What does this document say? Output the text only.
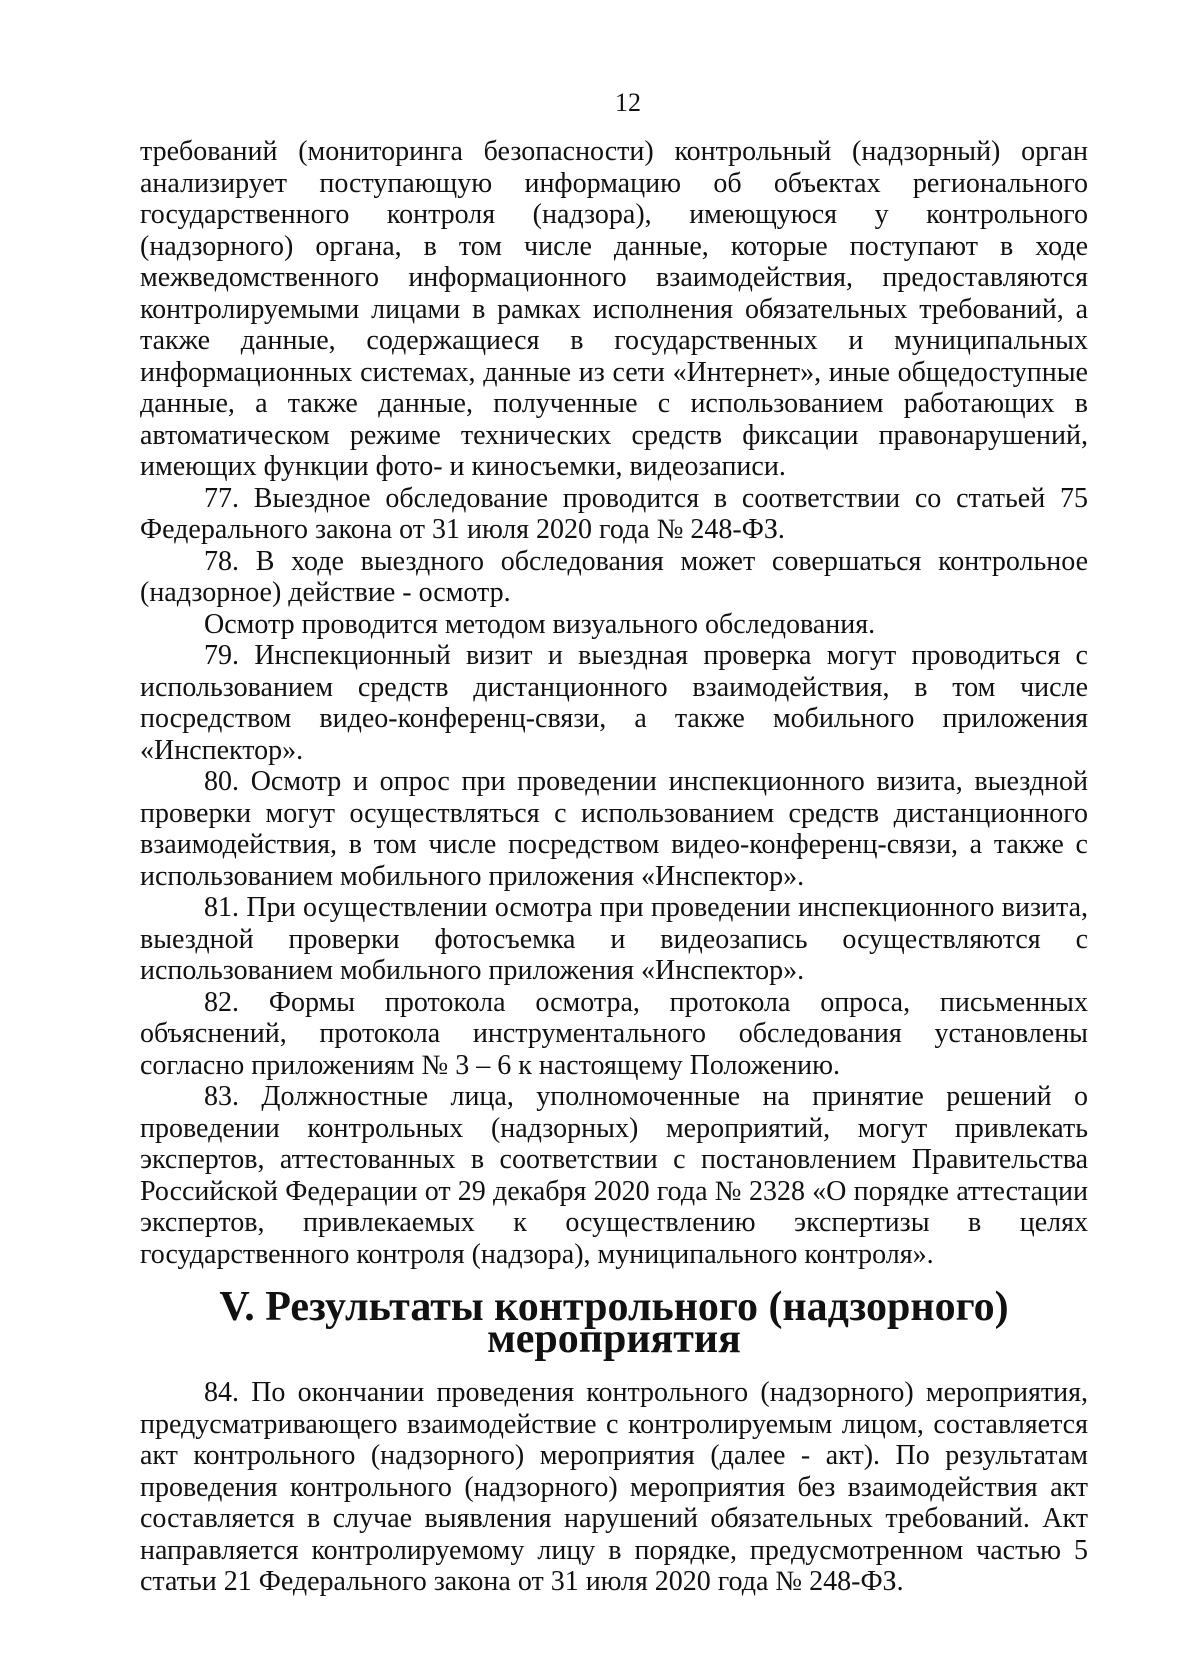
12

требований (мониторинга безопасности) контрольный (надзорный) орган анализирует поступающую информацию об объектах регионального государственного контроля (надзора), имеющуюся у контрольного (надзорного) органа, в том числе данные, которые поступают в ходе межведомственного информационного взаимодействия, предоставляются контролируемыми лицами в рамках исполнения обязательных требований, а также данные, содержащиеся в государственных и муниципальных информационных системах, данные из сети «Интернет», иные общедоступные данные, а также данные, полученные с использованием работающих в автоматическом режиме технических средств фиксации правонарушений, имеющих функции фото- и киносъемки, видеозаписи.

77. Выездное обследование проводится в соответствии со статьей 75 Федерального закона от 31 июля 2020 года № 248-ФЗ.

78. В ходе выездного обследования может совершаться контрольное (надзорное) действие - осмотр.

Осмотр проводится методом визуального обследования.

79. Инспекционный визит и выездная проверка могут проводиться с использованием средств дистанционного взаимодействия, в том числе посредством видео-конференц-связи, а также мобильного приложения «Инспектор».

80. Осмотр и опрос при проведении инспекционного визита, выездной проверки могут осуществляться с использованием средств дистанционного взаимодействия, в том числе посредством видео-конференц-связи, а также с использованием мобильного приложения «Инспектор».

81. При осуществлении осмотра при проведении инспекционного визита, выездной проверки фотосъемка и видеозапись осуществляются с использованием мобильного приложения «Инспектор».

82. Формы протокола осмотра, протокола опроса, письменных объяснений, протокола инструментального обследования установлены согласно приложениям № 3 – 6 к настоящему Положению.

83. Должностные лица, уполномоченные на принятие решений о проведении контрольных (надзорных) мероприятий, могут привлекать экспертов, аттестованных в соответствии с постановлением Правительства Российской Федерации от 29 декабря 2020 года № 2328 «О порядке аттестации экспертов, привлекаемых к осуществлению экспертизы в целях государственного контроля (надзора), муниципального контроля».

V. Результаты контрольного (надзорного) мероприятия

84. По окончании проведения контрольного (надзорного) мероприятия, предусматривающего взаимодействие с контролируемым лицом, составляется акт контрольного (надзорного) мероприятия (далее - акт). По результатам проведения контрольного (надзорного) мероприятия без взаимодействия акт составляется в случае выявления нарушений обязательных требований. Акт направляется контролируемому лицу в порядке, предусмотренном частью 5 статьи 21 Федерального закона от 31 июля 2020 года № 248-ФЗ.
